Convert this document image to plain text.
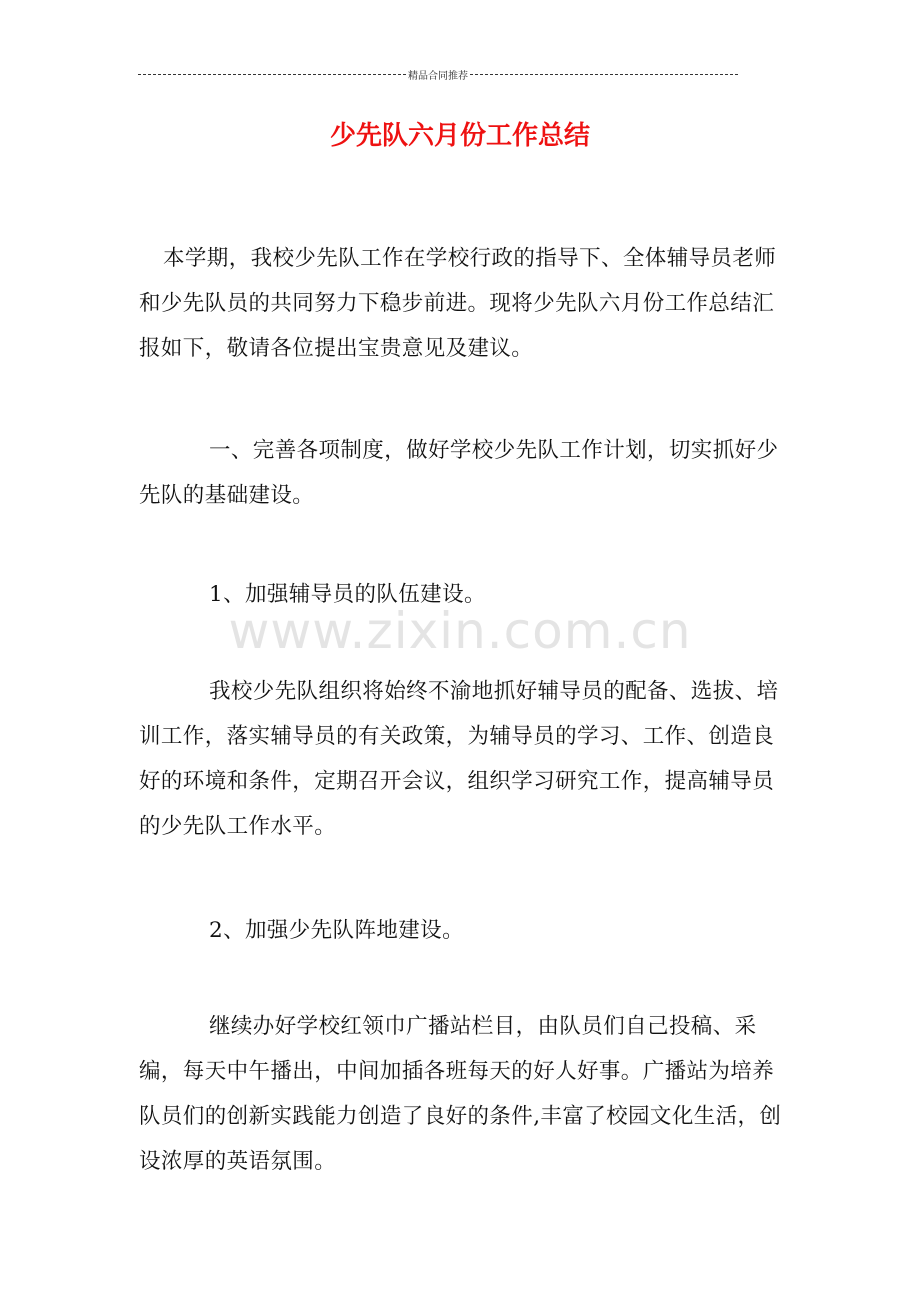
精品合同推荐
少先队六月份工作总结
www.zixin.com.cn

本学期，我校少先队工作在学校行政的指导下、全体辅导员老师和少先队员的共同努力下稳步前进。现将少先队六月份工作总结汇报如下，敬请各位提出宝贵意见及建议。

一、完善各项制度，做好学校少先队工作计划，切实抓好少先队的基础建设。

1、加强辅导员的队伍建设。

我校少先队组织将始终不渝地抓好辅导员的配备、选拔、培训工作，落实辅导员的有关政策，为辅导员的学习、工作、创造良好的环境和条件，定期召开会议，组织学习研究工作，提高辅导员的少先队工作水平。

2、加强少先队阵地建设。

继续办好学校红领巾广播站栏目，由队员们自己投稿、采编，每天中午播出，中间加插各班每天的好人好事。广播站为培养队员们的创新实践能力创造了良好的条件,丰富了校园文化生活，创设浓厚的英语氛围。
